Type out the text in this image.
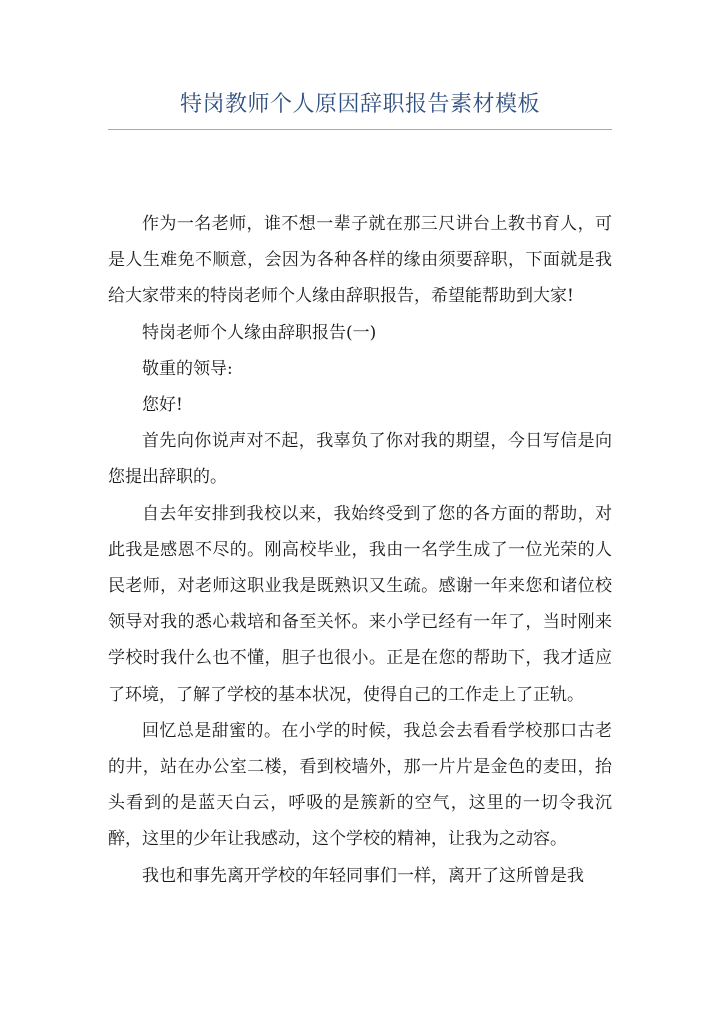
特岗教师个人原因辞职报告素材模板

作为一名老师，谁不想一辈子就在那三尺讲台上教书育人，可是人生难免不顺意，会因为各种各样的缘由须要辞职，下面就是我给大家带来的特岗老师个人缘由辞职报告，希望能帮助到大家!

特岗老师个人缘由辞职报告(一)

敬重的领导:

您好!

首先向你说声对不起，我辜负了你对我的期望，今日写信是向您提出辞职的。

自去年安排到我校以来，我始终受到了您的各方面的帮助，对此我是感恩不尽的。刚高校毕业，我由一名学生成了一位光荣的人民老师，对老师这职业我是既熟识又生疏。感谢一年来您和诸位校领导对我的悉心栽培和备至关怀。来小学已经有一年了，当时刚来学校时我什么也不懂，胆子也很小。正是在您的帮助下，我才适应了环境，了解了学校的基本状况，使得自己的工作走上了正轨。

回忆总是甜蜜的。在小学的时候，我总会去看看学校那口古老的井，站在办公室二楼，看到校墙外，那一片片是金色的麦田，抬头看到的是蓝天白云，呼吸的是簇新的空气，这里的一切令我沉醉，这里的少年让我感动，这个学校的精神，让我为之动容。

我也和事先离开学校的年轻同事们一样，离开了这所曾是我
